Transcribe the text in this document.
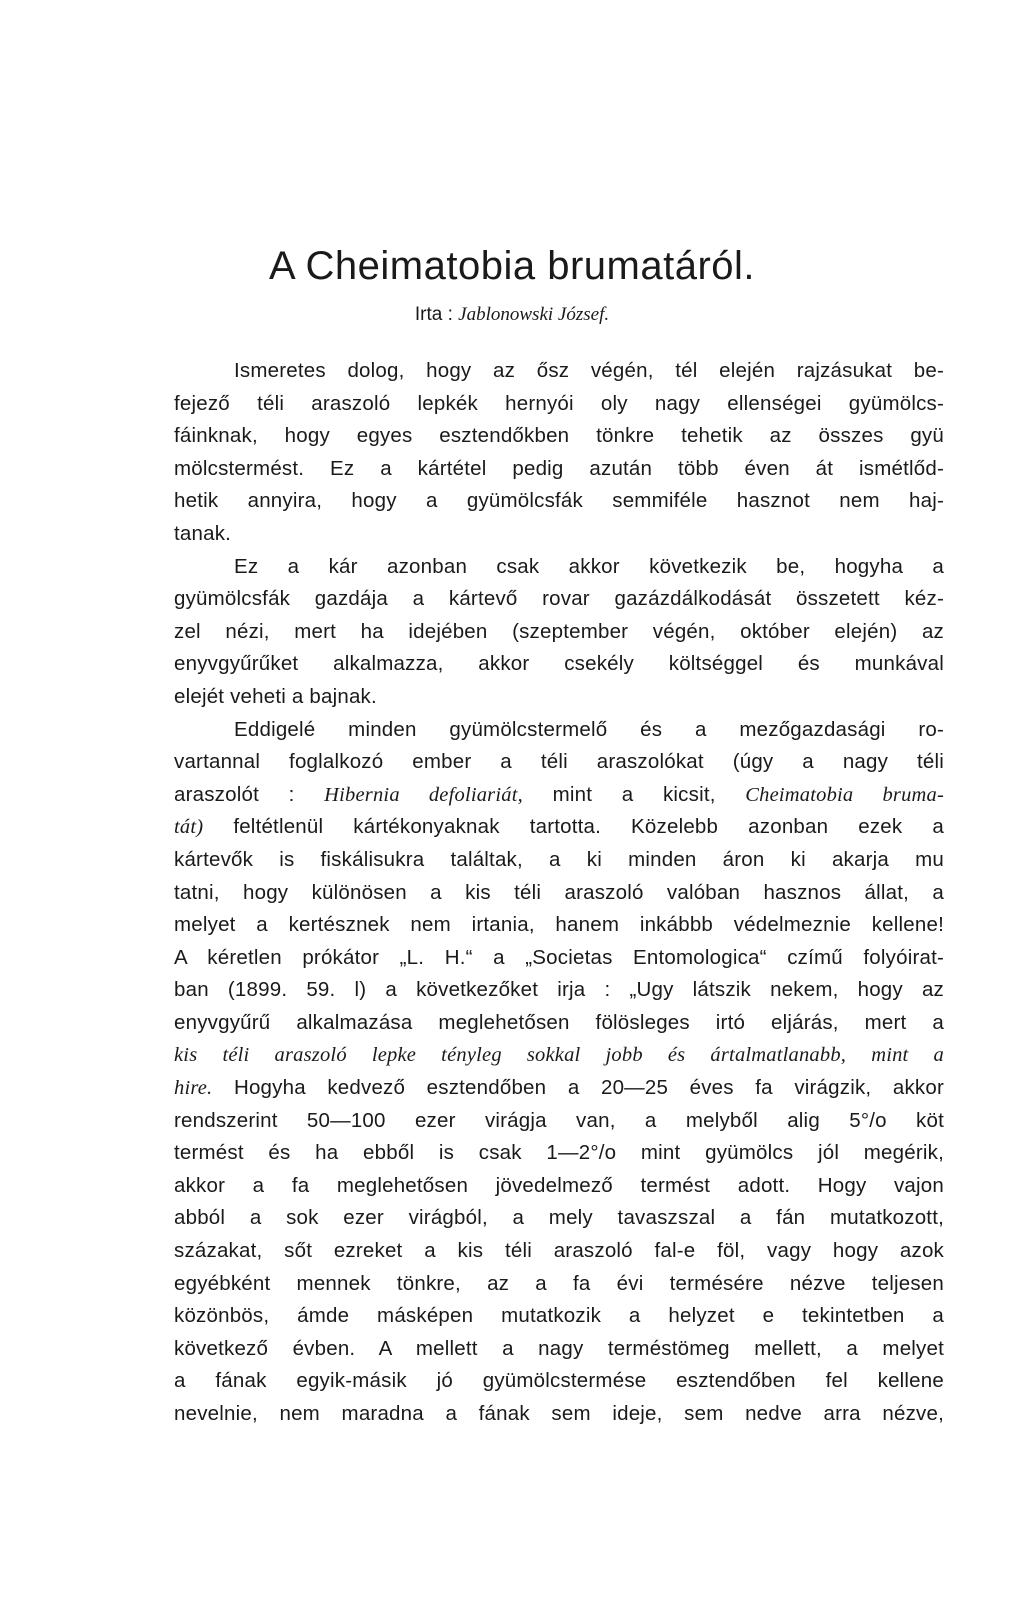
A Cheimatobia brumatáról.
Irta : Jablonowski József.
Ismeretes dolog, hogy az ősz végén, tél elején rajzásukat be-
fejező téli araszoló lepkék hernyói oly nagy ellenségei gyümölcs-
fáinknak, hogy egyes esztendőkben tönkre tehetik az összes gyü
mölcstermést. Ez a kártétel pedig azután több éven át ismétlőd-
hetik annyira, hogy a gyümölcsfák semmiféle hasznot nem haj-
tanak.
Ez a kár azonban csak akkor következik be, hogyha a
gyümölcsfák gazdája a kártevő rovar gazázdálkodását összetett kéz-
zel nézi, mert ha idejében (szeptember végén, október elején) az
enyvgyűrűket alkalmazza, akkor csekély költséggel és munkával
elejét veheti a bajnak.
Eddigelé minden gyümölcstermelő és a mezőgazdasági ro-
vartannal foglalkozó ember a téli araszolókat (úgy a nagy téli
araszolót : Hibernia defoliariát, mint a kicsit, Cheimatobia bruma-
tát) feltétlenül kártékonyaknak tartotta. Közelebb azonban ezek a
kártevők is fiskálisukra találtak, a ki minden áron ki akarja mu
tatni, hogy különösen a kis téli araszoló valóban hasznos állat, a
melyet a kertésznek nem irtania, hanem inkábbb védelmeznie kellene!
A kéretlen prókátor „L. H.“ a „Societas Entomologica“ czímű folyóirat-
ban (1899. 59. l) a következőket irja : „Ugy látszik nekem, hogy az
enyvgyűrű alkalmazása meglehetősen fölösleges irtó eljárás, mert a
kis téli araszoló lepke tényleg sokkal jobb és ártalmatlanabb, mint a
hire. Hogyha kedvező esztendőben a 20—25 éves fa virágzik, akkor
rendszerint 50—100 ezer virágja van, a melyből alig 5°/o köt
termést és ha ebből is csak 1—2°/o mint gyümölcs jól megérik,
akkor a fa meglehetősen jövedelmező termést adott. Hogy vajon
abból a sok ezer virágból, a mely tavaszszal a fán mutatkozott,
százakat, sőt ezreket a kis téli araszoló fal-e föl, vagy hogy azok
egyébként mennek tönkre, az a fa évi termésére nézve teljesen
közönbös, ámde másképen mutatkozik a helyzet e tekintetben a
következő évben. A mellett a nagy terméstömeg mellett, a melyet
a fának egyik-másik jó gyümölcstermése esztendőben fel kellene
nevelnie, nem maradna a fának sem ideje, sem nedve arra nézve,
